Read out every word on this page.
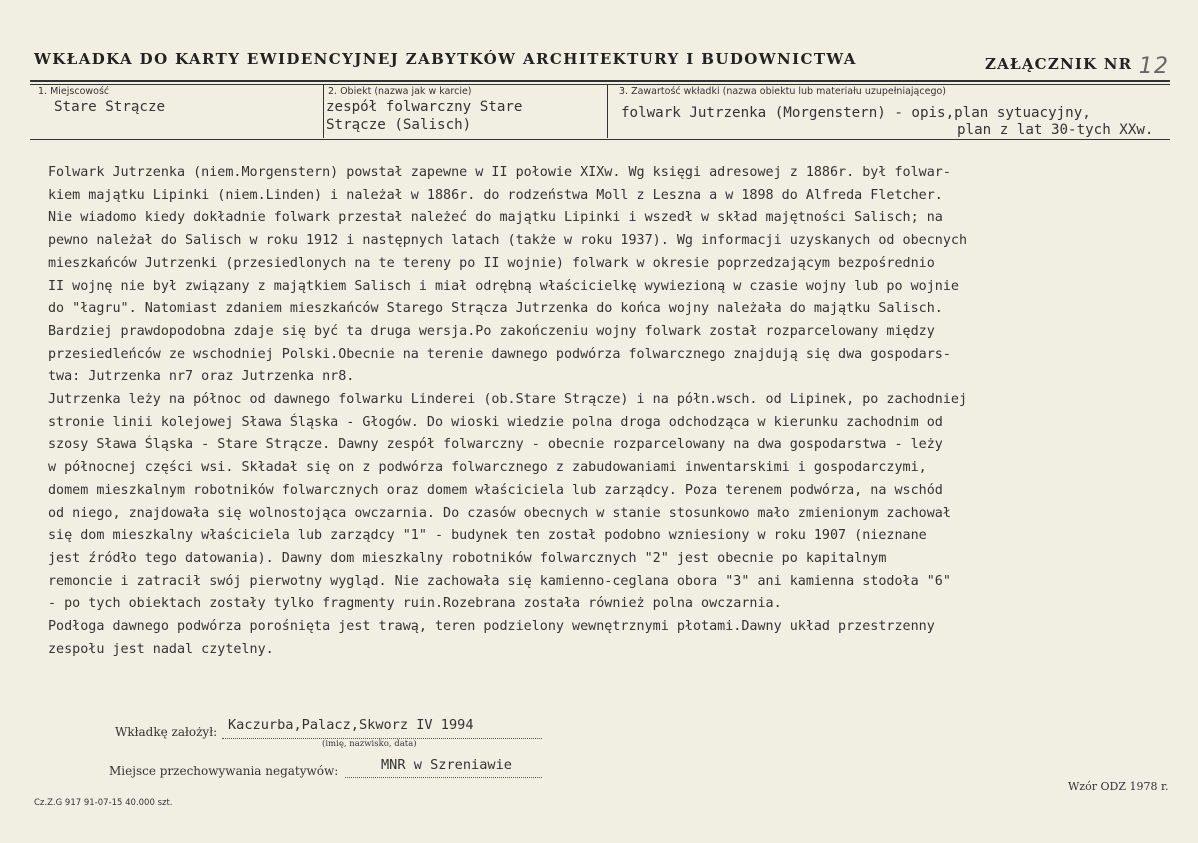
WKŁADKA DO KARTY EWIDENCYJNEJ ZABYTKÓW ARCHITEKTURY I BUDOWNICTWA	ZAŁĄCZNIK NR 12
1. Miejscowość
Stare Strącze
2. Obiekt (nazwa jak w karcie)
zespół folwarczny Stare
Strącze (Salisch)
3. Zawartość wkładki (nazwa obiektu lub materiału uzupełniającego)
folwark Jutrzenka (Morgenstern) - opis,plan sytuacyjny,
plan z lat 30-tych XXw.
Folwark Jutrzenka (niem.Morgenstern) powstał zapewne w II połowie XIXw. Wg księgi adresowej z 1886r. był folwar-
kiem majątku Lipinki (niem.Linden) i należał w 1886r. do rodzeństwa Moll z Leszna a w 1898 do Alfreda Fletcher.
Nie wiadomo kiedy dokładnie folwark przestał należeć do majątku Lipinki i wszedł w skład majętności Salisch; na
pewno należał do Salisch w roku 1912 i następnych latach (także w roku 1937). Wg informacji uzyskanych od obecnych
mieszkańców Jutrzenki (przesiedlonych na te tereny po II wojnie) folwark w okresie poprzedzającym bezpośrednio
II wojnę nie był związany z majątkiem Salisch i miał odrębną właścicielkę wywiezioną w czasie wojny lub po wojnie
do "łagru". Natomiast zdaniem mieszkańców Starego Strącza Jutrzenka do końca wojny należała do majątku Salisch.
Bardziej prawdopodobna zdaje się być ta druga wersja.Po zakończeniu wojny folwark został rozparcelowany między
przesiedleńców ze wschodniej Polski.Obecnie na terenie dawnego podwórza folwarcznego znajdują się dwa gospodars-
twa: Jutrzenka nr7 oraz Jutrzenka nr8.
Jutrzenka leży na północ od dawnego folwarku Linderei (ob.Stare Strącze) i na półn.wsch. od Lipinek, po zachodniej
stronie linii kolejowej Sława Śląska - Głogów. Do wioski wiedzie polna droga odchodząca w kierunku zachodnim od
szosy Sława Śląska - Stare Strącze. Dawny zespół folwarczny - obecnie rozparcelowany na dwa gospodarstwa - leży
w północnej części wsi. Składał się on z podwórza folwarcznego z zabudowaniami inwentarskimi i gospodarczymi,
domem mieszkalnym robotników folwarcznych oraz domem właściciela lub zarządcy. Poza terenem podwórza, na wschód
od niego, znajdowała się wolnostojąca owczarnia. Do czasów obecnych w stanie stosunkowo mało zmienionym zachował
się dom mieszkalny właściciela lub zarządcy "1" - budynek ten został podobno wzniesiony w roku 1907 (nieznane
jest źródło tego datowania). Dawny dom mieszkalny robotników folwarcznych "2" jest obecnie po kapitalnym
remoncie i zatracił swój pierwotny wygląd. Nie zachowała się kamienno-ceglana obora "3" ani kamienna stodoła "6"
- po tych obiektach zostały tylko fragmenty ruin.Rozebrana została również polna owczarnia.
Podłoga dawnego podwórza porośnięta jest trawą, teren podzielony wewnętrznymi płotami.Dawny układ przestrzenny
zespołu jest nadal czytelny.
Wkładkę założył: Kaczurba,Palacz,Skworz IV 1994
(imię, nazwisko, data)
Miejsce przechowywania negatywów:	MNR w Szreniawie
Cz.Z.G 917 91-07-15 40.000 szt.
Wzór ODZ 1978 r.
